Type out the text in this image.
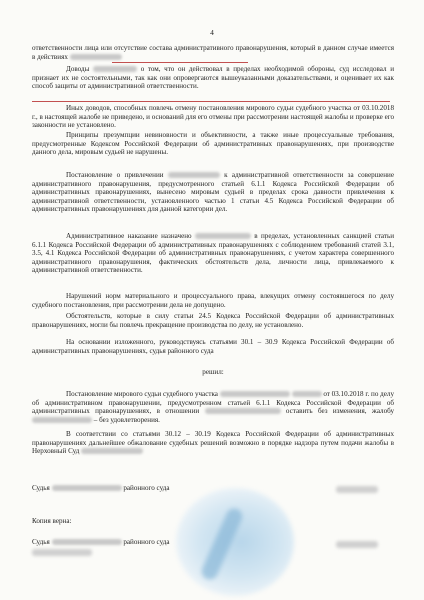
4
ответственности лица или отсутствие состава административного правонарушения, который в данном случае имеется в действиях
Доводы	о том, что он действовал в пределах необходимой обороны, суд исследовал и признает их не состоятельными, так как они опровергаются вышеуказанными доказательствами, и оценивает их как способ защиты от административной ответственности.
Иных доводов, способных повлечь отмену постановления мирового судьи судебного участка от 03.10.2018 г., в настоящей жалобе не приведено, и оснований для его отмены при рассмотрении настоящей жалобы и проверке его законности не установлено.
Принципы презумпции невиновности и объективности, а также иные процессуальные требования, предусмотренные Кодексом Российской Федерации об административных правонарушениях, при производстве данного дела, мировым судьей не нарушены.
Постановление о привлечении	к административной ответственности за совершение административного правонарушения, предусмотренного статьей 6.1.1 Кодекса Российской Федерации об административных правонарушениях, вынесено мировым судьей в пределах срока давности привлечения к административной ответственности, установленного частью 1 статьи 4.5 Кодекса Российской Федерации об административных правонарушениях для данной категории дел.
Административное наказание назначено	в пределах, установленных санкцией статьи 6.1.1 Кодекса Российской Федерации об административных правонарушениях с соблюдением требований статей 3.1, 3.5, 4.1 Кодекса Российской Федерации об административных правонарушениях, с учетом характера совершенного административного правонарушения, фактических обстоятельств дела, личности лица, привлекаемого к административной ответственности.
Нарушений норм материального и процессуального права, влекущих отмену состоявшегося по делу судебного постановления, при рассмотрении дела не допущено.
Обстоятельств, которые в силу статьи 24.5 Кодекса Российской Федерации об административных правонарушениях, могли бы повлечь прекращение производства по делу, не установлено.
На основании изложенного, руководствуясь статьями 30.1 – 30.9 Кодекса Российской Федерации об административных правонарушениях, судья районного суда
решил:
Постановление мирового судьи судебного участка	от 03.10.2018 г. по делу об административном правонарушении, предусмотренном статьей 6.1.1 Кодекса Российской Федерации об административных правонарушениях, в отношении	оставить без изменения, жалобу  – без удовлетворения.
В соответствии со статьями 30.12 – 30.19 Кодекса Российской Федерации об административных правонарушениях дальнейшее обжалование судебных решений возможно в порядке надзора путем подачи жалобы в Нерховный Суд
Судья	районного суда
Копия верна:
Судья	районного суда
